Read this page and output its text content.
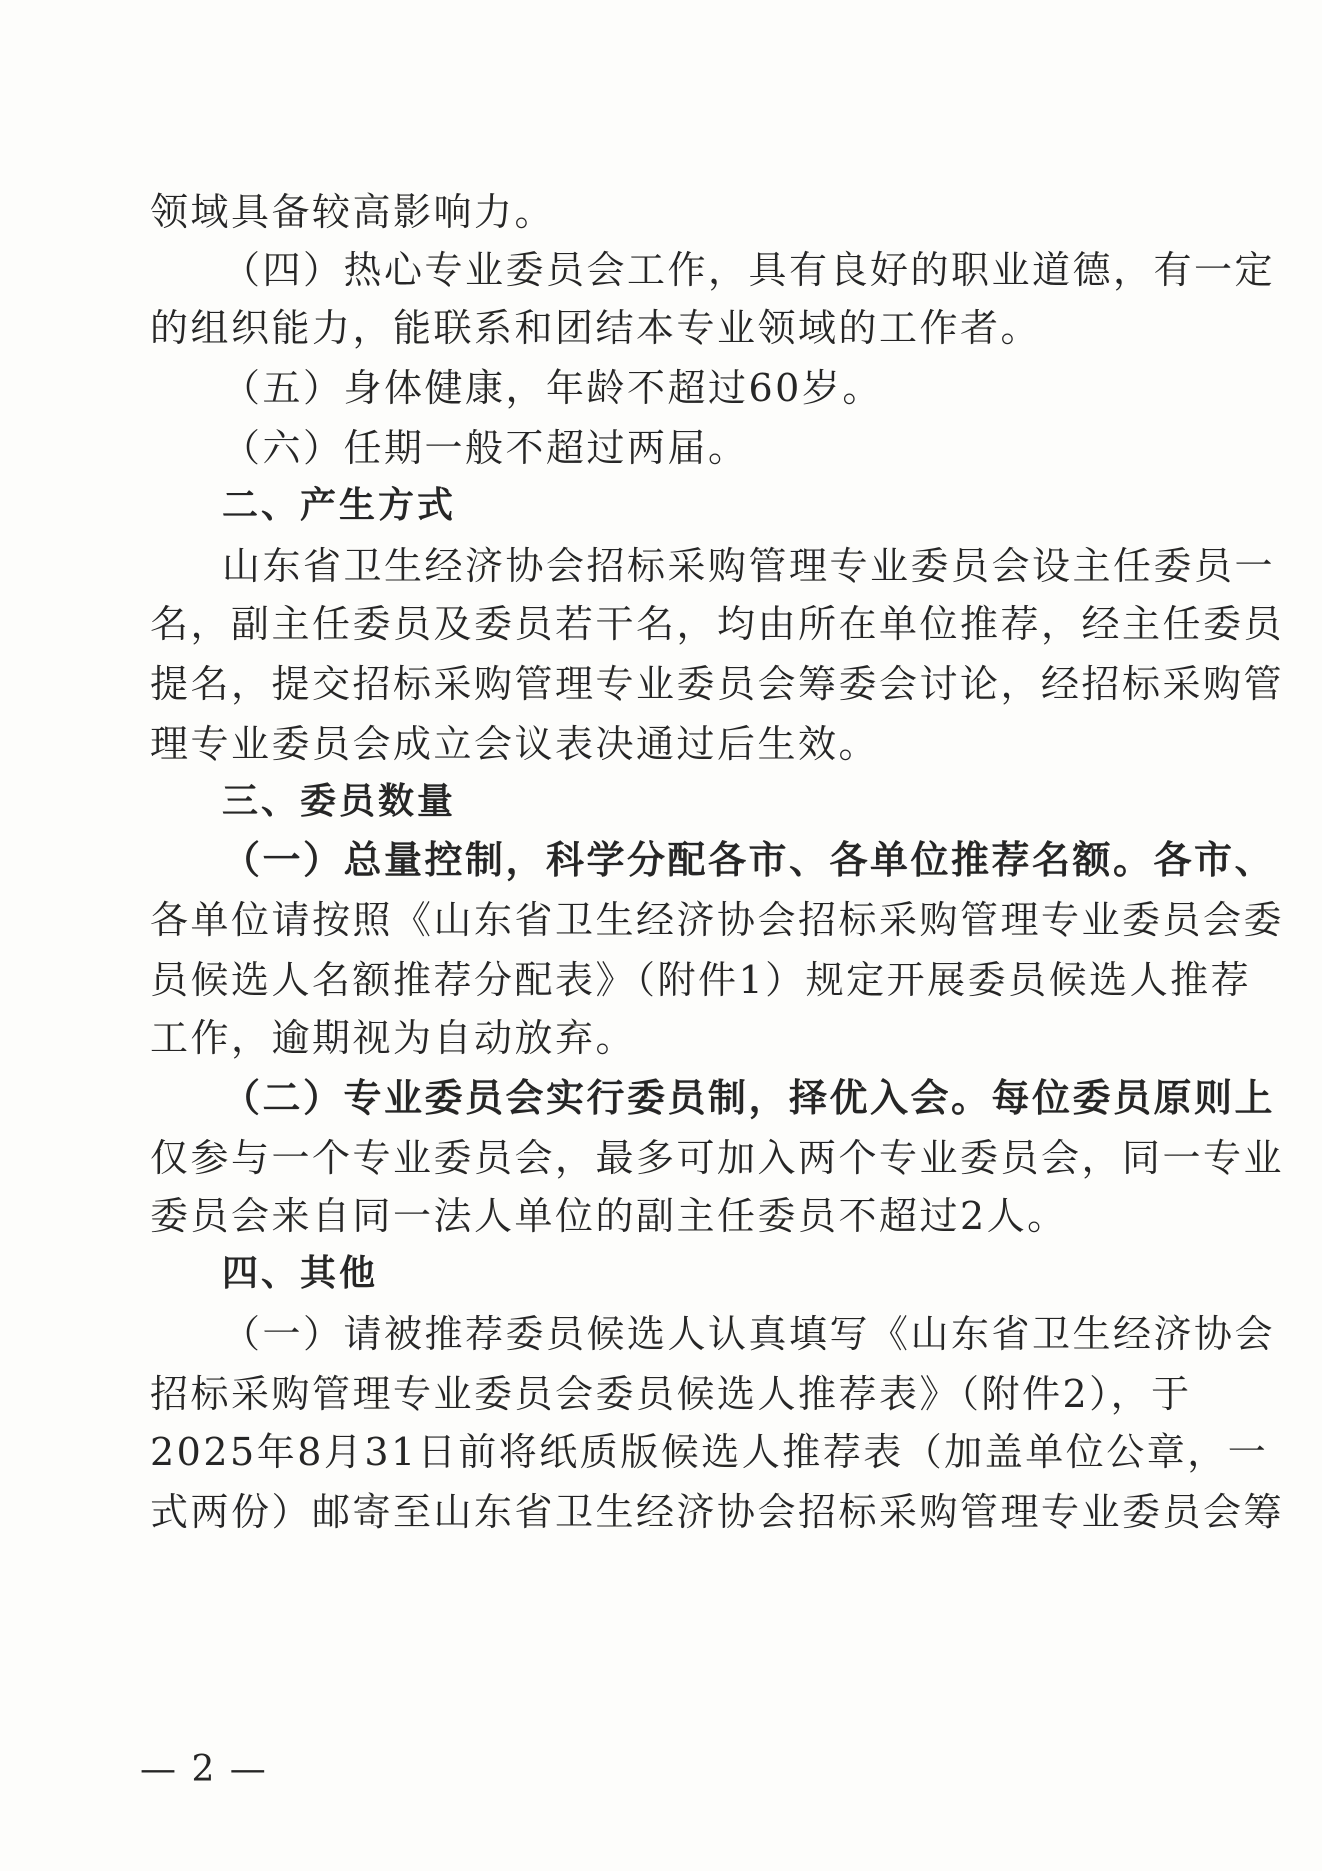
领域具备较高影响力。
（四）热心专业委员会工作，具有良好的职业道德，有一定
的组织能力，能联系和团结本专业领域的工作者。
（五）身体健康，年龄不超过60岁。
（六）任期一般不超过两届。
二、产生方式
山东省卫生经济协会招标采购管理专业委员会设主任委员一
名，副主任委员及委员若干名，均由所在单位推荐，经主任委员
提名，提交招标采购管理专业委员会筹委会讨论，经招标采购管
理专业委员会成立会议表决通过后生效。
三、委员数量
（一）总量控制，科学分配各市、各单位推荐名额。各市、
各单位请按照《山东省卫生经济协会招标采购管理专业委员会委
员候选人名额推荐分配表》（附件1）规定开展委员候选人推荐
工作，逾期视为自动放弃。
（二）专业委员会实行委员制，择优入会。每位委员原则上
仅参与一个专业委员会，最多可加入两个专业委员会，同一专业
委员会来自同一法人单位的副主任委员不超过2人。
四、其他
（一）请被推荐委员候选人认真填写《山东省卫生经济协会
招标采购管理专业委员会委员候选人推荐表》（附件2），于
2025年8月31日前将纸质版候选人推荐表（加盖单位公章，一
式两份）邮寄至山东省卫生经济协会招标采购管理专业委员会筹
— 2 —
